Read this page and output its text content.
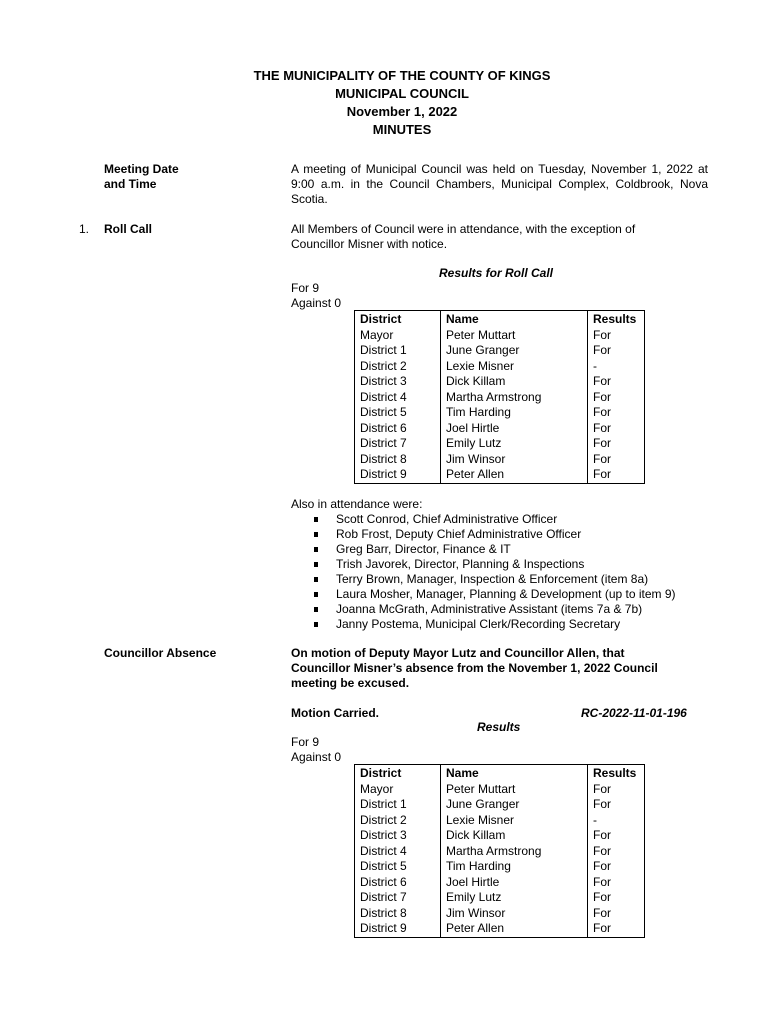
THE MUNICIPALITY OF THE COUNTY OF KINGS
MUNICIPAL COUNCIL
November 1, 2022
MINUTES
Meeting Date
and Time
A meeting of Municipal Council was held on Tuesday, November 1, 2022 at 9:00 a.m. in the Council Chambers, Municipal Complex, Coldbrook, Nova Scotia.
1. Roll Call	All Members of Council were in attendance, with the exception of
Councillor Misner with notice.
Results for Roll Call
For 9
Against 0
District	Name	Results
Mayor	Peter Muttart	For
District 1	June Granger	For
District 2	Lexie Misner	-
District 3	Dick Killam	For
District 4	Martha Armstrong	For
District 5	Tim Harding	For
District 6	Joel Hirtle	For
District 7	Emily Lutz	For
District 8	Jim Winsor	For
District 9	Peter Allen	For
Also in attendance were:
Scott Conrod, Chief Administrative Officer
Rob Frost, Deputy Chief Administrative Officer
Greg Barr, Director, Finance & IT
Trish Javorek, Director, Planning & Inspections
Terry Brown, Manager, Inspection & Enforcement (item 8a)
Laura Mosher, Manager, Planning & Development (up to item 9)
Joanna McGrath, Administrative Assistant (items 7a & 7b)
Janny Postema, Municipal Clerk/Recording Secretary
Councillor Absence	On motion of Deputy Mayor Lutz and Councillor Allen, that
Councillor Misner’s absence from the November 1, 2022 Council
meeting be excused.
Motion Carried.	RC-2022-11-01-196
Results
For 9
Against 0
District	Name	Results
Mayor	Peter Muttart	For
District 1	June Granger	For
District 2	Lexie Misner	-
District 3	Dick Killam	For
District 4	Martha Armstrong	For
District 5	Tim Harding	For
District 6	Joel Hirtle	For
District 7	Emily Lutz	For
District 8	Jim Winsor	For
District 9	Peter Allen	For
